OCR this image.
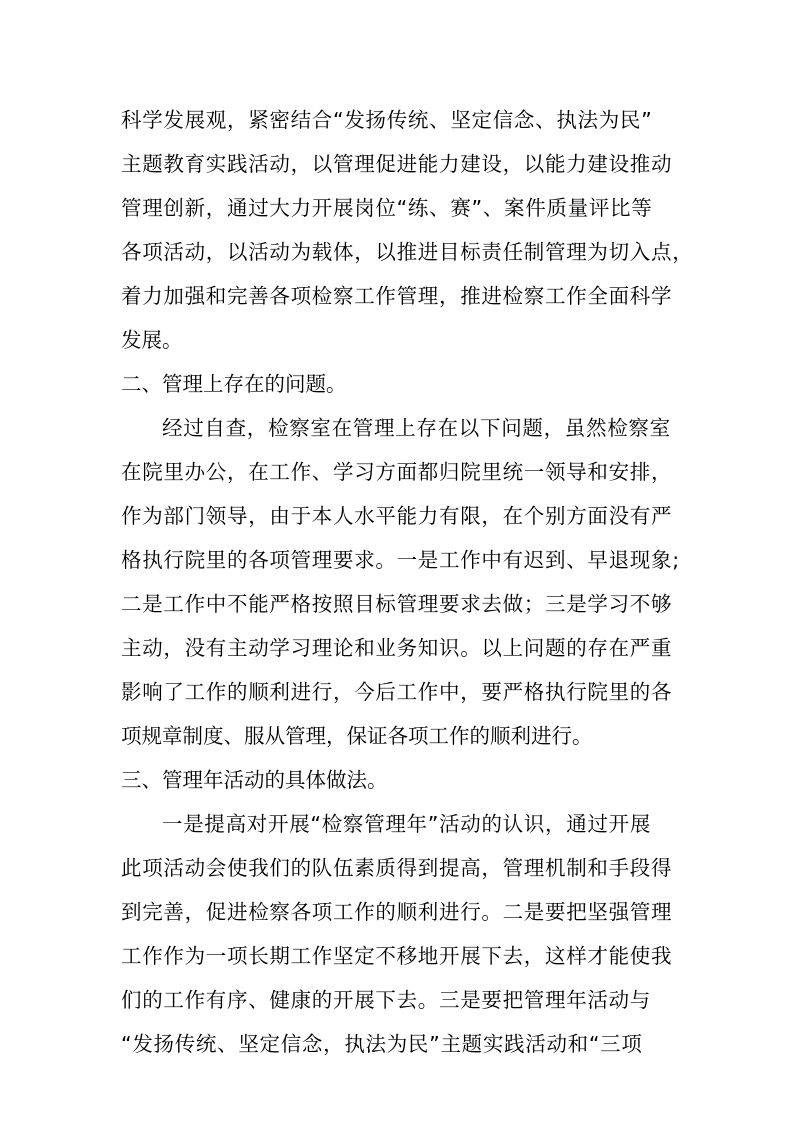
科学发展观，紧密结合“发扬传统、坚定信念、执法为民”
主题教育实践活动，以管理促进能力建设，以能力建设推动
管理创新，通过大力开展岗位“练、赛”、案件质量评比等
各项活动，以活动为载体，以推进目标责任制管理为切入点，
着力加强和完善各项检察工作管理，推进检察工作全面科学
发展。
二、管理上存在的问题。
经过自查，检察室在管理上存在以下问题，虽然检察室
在院里办公，在工作、学习方面都归院里统一领导和安排，
作为部门领导，由于本人水平能力有限，在个别方面没有严
格执行院里的各项管理要求。一是工作中有迟到、早退现象;
二是工作中不能严格按照目标管理要求去做；三是学习不够
主动，没有主动学习理论和业务知识。以上问题的存在严重
影响了工作的顺利进行，今后工作中，要严格执行院里的各
项规章制度、服从管理，保证各项工作的顺利进行。
三、管理年活动的具体做法。
一是提高对开展“检察管理年”活动的认识，通过开展
此项活动会使我们的队伍素质得到提高，管理机制和手段得
到完善，促进检察各项工作的顺利进行。二是要把坚强管理
工作作为一项长期工作坚定不移地开展下去，这样才能使我
们的工作有序、健康的开展下去。三是要把管理年活动与
“发扬传统、坚定信念，执法为民”主题实践活动和“三项
